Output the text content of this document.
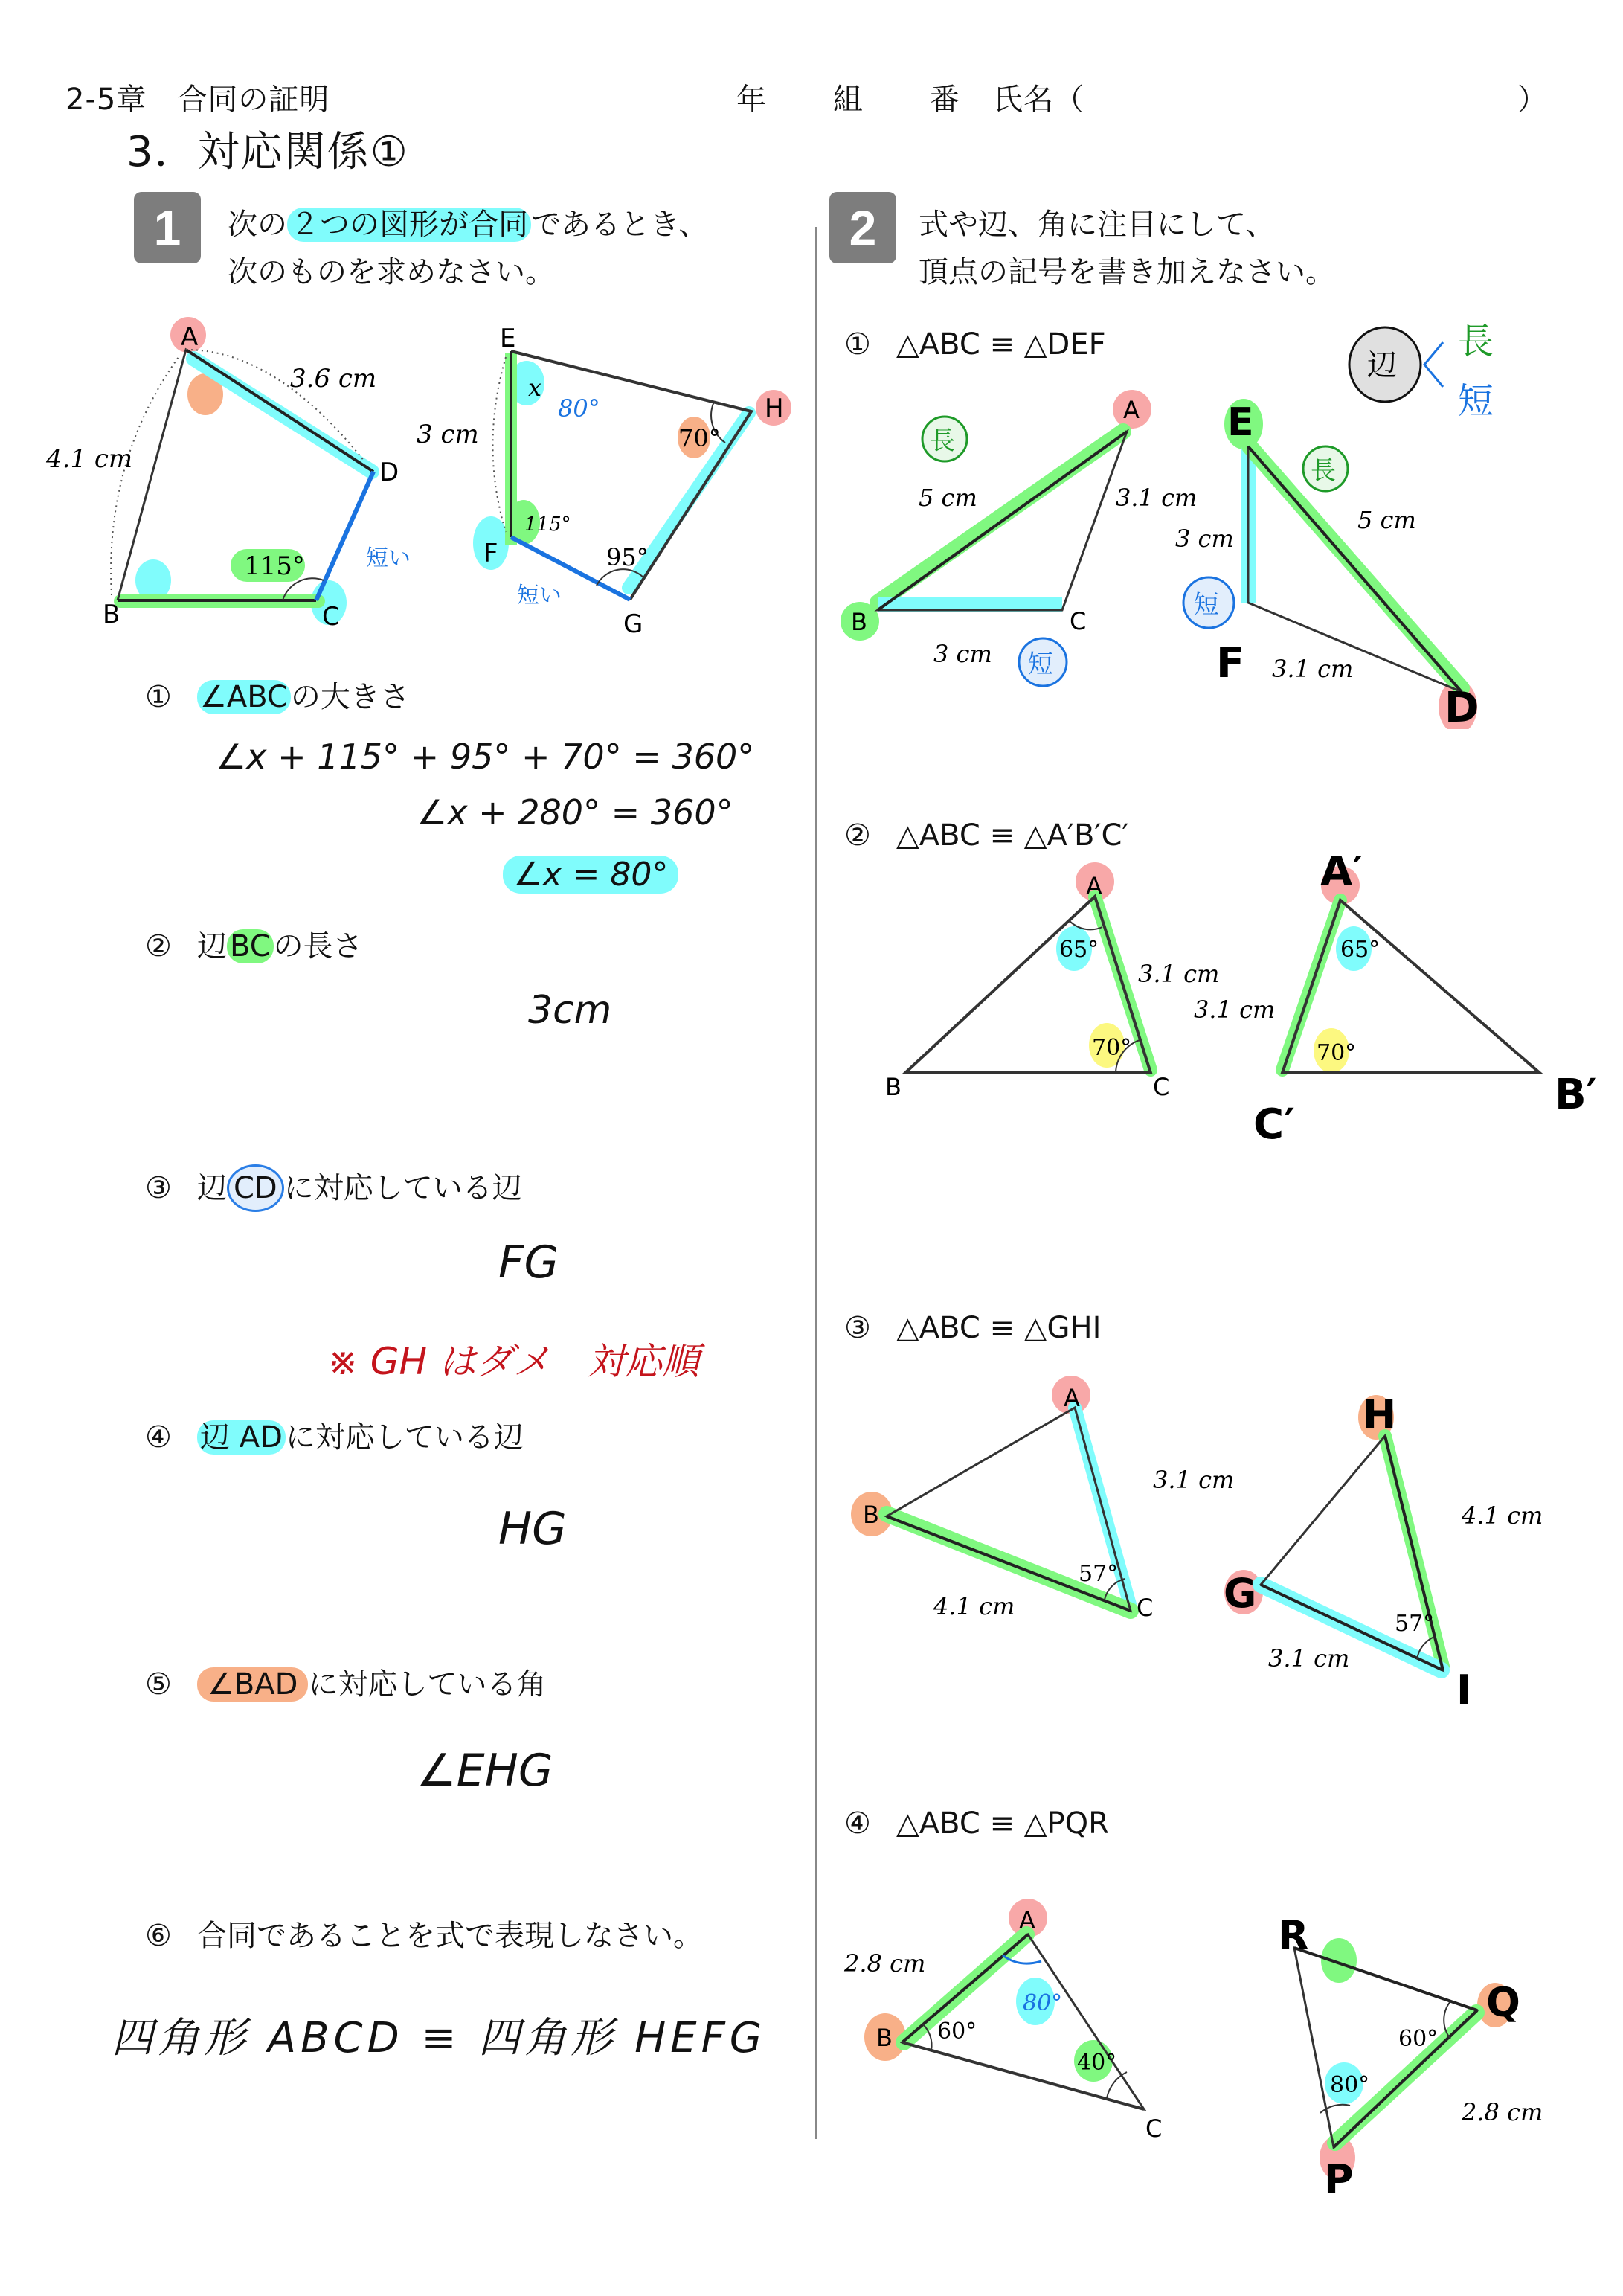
2-5章　合同の証明	年 組 番 氏名（	）
3．対応関係①
1	次の ２つの図形が合同 であるとき、
次のものを求めなさい。
A
B	C
D
3.6 cm
4.1 cm
115°	短い
E
F
G
H
3 cm
x
80°
115°
70°
95°
短い
① ∠ABC の大きさ
∠x + 115° + 95° + 70° = 360°
∠x + 280° = 360°
∠x = 80°
② 辺 BC の長さ
3cm
③ 辺 CD に対応している辺
FG
※ GH はダメ　対応順
④ 辺 AD に対応している辺
HG
⑤ ∠BAD に対応している角
∠EHG
⑥ 合同であることを式で表現しなさい。
四角形 ABCD ≡ 四角形 HEFG
2	式や辺、角に注目にして、
頂点の記号を書き加えなさい。
① △ABC ≡ △DEF
辺
長
短
長
短
A
B	C
5 cm	3.1 cm
3 cm
長
短
E
F
D
5 cm
3 cm
3.1 cm
② △ABC ≡ △A′B′C′
A
B	C
65°
70°
3.1 cm
A′
B′
C′
65°
70°
3.1 cm
③ △ABC ≡ △GHI
A
B
C
3.1 cm
4.1 cm
57°
H
G
I
4.1 cm
3.1 cm
57°
④ △ABC ≡ △PQR
A
B
C
2.8 cm
80°
60°
40°
R
Q
P
2.8 cm
80°
60°
